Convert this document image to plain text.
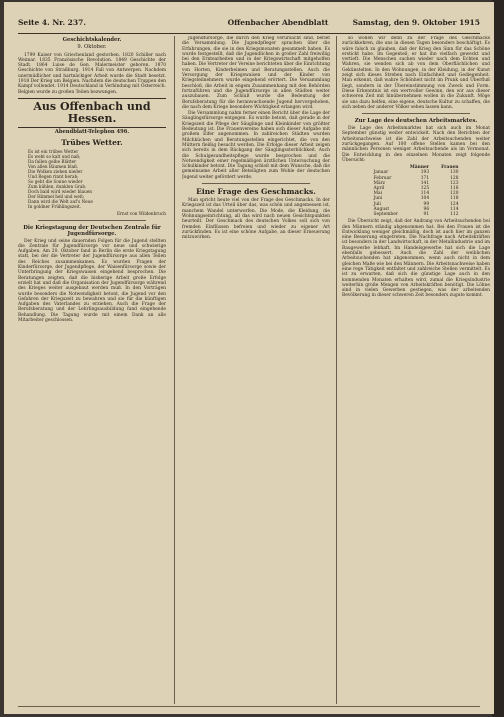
Seite 4. Nr. 237.	Offenbacher Abendblatt	Samstag, den 9. Oktober 1915
Geschichtskalender.
9. Oktober.

1799 Kaiser von Griechenland gestorben. 1820 Schiller nach Weimar. 1835 Französische Revolution. 1849 Geschichte der Stadt. 1864 Luise de Gen. Malermeister geboren. 1870 Geschichte von Straßburg. 1914 Fall von Antwerpen. Nachdem unermüdlicher und hartnäckiger Arbeit wurde die Stadt besetzt. 1918 Der Krieg um Belgien. Nachdem die deutschen Truppen den Kampf vollendet. 1914 Deutschland in Verbindung mit Österreich. Belgien wurde zu großen Teilen bezwungen.

Aus Offenbach und Hessen.
Abendblatt-Telephon 496.
Trübes Wetter.
Es ist ein trübes Wetter
Es weht so kalt und naß;
Da fallen gelbe Blätter
Von allen Bäumen blaß.
Die Wolken ziehen nieder
Und Regen rinnt herab;
So geht die Sonne wieder
Zum kühlen, dunklen Grab.
Doch bald wird wieder blauen
Der Himmel hell und weit;
Dann wird die Welt auf's Neue
In goldner Frühlingszeit.
Ernst von Wildenbruch
Die Kriegstagung der Deutschen Zentrale für Jugendfürsorge.

Der Krieg und seine dauernden Folgen für die Jugend stellten die Zentrale für Jugendfürsorge vor neue und schwierige Aufgaben. Am 20. Oktober fand in Berlin die erste Kriegstagung statt, bei der die Vertreter der Jugendfürsorge aus allen Teilen des Reiches zusammenkamen. Es wurden Fragen der Kinderfürsorge, der Jugendpflege, der Waisenfürsorge sowie der Unterbringung der Kriegswaisen eingehend besprochen. Die Beratungen zeigten, daß die bisherige Arbeit große Erfolge erzielt hat und daß die Organisation der Jugendfürsorge während des Krieges weiter ausgebaut werden muß. In den Vorträgen wurde besonders die Notwendigkeit betont, die Jugend vor den Gefahren der Kriegszeit zu bewahren und sie für die künftigen Aufgaben des Vaterlandes zu erziehen. Auch die Frage der Berufsberatung und der Lehrlingsausbildung fand eingehende Behandlung. Die Tagung wurde mit einem Dank an alle Mitarbeiter geschlossen.

Jugendfürsorge, die durch den Krieg verursacht sind, beriet die Versammlung. Die Jugendpfleger sprachen über die Erfahrungen, die sie in den Kriegsmonaten gesammelt haben. Es wurde festgestellt, daß die Jugendlichen in großer Zahl freiwillig bei den Erntearbeiten und in der Kriegswirtschaft mitgeholfen haben. Die Vertreter der Vereine berichteten über die Einrichtung von Horten, Kinderheimen und Beratungsstellen. Auch die Versorgung der Kriegswaisen und der Kinder von Kriegsteilnehmern wurde eingehend erörtert. Die Versammlung beschloß, die Arbeit in engem Zusammenhang mit den Behörden fortzuführen und die Jugendfürsorge in allen Städten weiter auszubauen. Zum Schluß wurde die Bedeutung der Berufsberatung für die heranwachsende Jugend hervorgehoben, die nach dem Kriege besondere Wichtigkeit erlangen wird.

Die Versammlung nahm ferner einen Bericht über die Lage der Säuglingsfürsorge entgegen. Es wurde betont, daß gerade in der Kriegszeit die Pflege der Säuglinge und Kleinkinder von größter Bedeutung ist. Die Frauenvereine haben sich dieser Aufgabe mit großem Eifer angenommen. In zahlreichen Städten wurden Milchküchen und Beratungsstellen eingerichtet, die von den Müttern fleißig besucht werden. Die Erfolge dieser Arbeit zeigen sich bereits in dem Rückgang der Säuglingssterblichkeit. Auch die Schulgesundheitspflege wurde besprochen und die Notwendigkeit einer regelmäßigen ärztlichen Untersuchung der Schulkinder betont. Die Tagung schloß mit dem Wunsche, daß die gemeinsame Arbeit aller Beteiligten zum Wohle der deutschen Jugend weiter gefördert werde.

Eine Frage des Geschmacks.

Man spricht heute viel von der Frage des Geschmacks. In der Kriegszeit ist das Urteil über das, was schön und angemessen ist, manchem Wandel unterworfen. Die Mode, die Kleidung, die Wohnungseinrichtung, all das wird nach neuen Gesichtspunkten beurteilt. Der Geschmack des deutschen Volkes soll sich von fremden Einflüssen befreien und wieder zu eigener Art zurückfinden. Es ist eine schöne Aufgabe, an dieser Erneuerung mitzuwirken.

so wollen wir denn zu der Frage des Geschmacks zurückkehren, die uns in diesen Tagen besonders beschäftigt. Es wäre falsch zu glauben, daß der Krieg den Sinn für das Schöne erstickt habe. Im Gegenteil, er hat ihn vielfach geweckt und vertieft. Die Menschen suchen wieder nach dem Echten und Wahren, sie wenden sich ab von dem Oberflächlichen und Gekünstelten. In den Wohnungen, in der Kleidung, in der Kunst zeigt sich dieses Streben nach Einfachheit und Gediegenheit. Man erkennt, daß wahre Schönheit nicht im Prunk und Überfluß liegt, sondern in der Übereinstimmung von Zweck und Form. Diese Erkenntnis ist ein wertvoller Gewinn, den wir aus dieser schweren Zeit mit hinübernehmen wollen in die Zukunft. Möge sie uns dazu helfen, eine eigene, deutsche Kultur zu schaffen, die sich neben der anderer Völker sehen lassen kann.

Zur Lage des deutschen Arbeitsmarktes.

Die Lage des Arbeitsmarktes hat sich auch im Monat September günstig weiter entwickelt. Nach den Berichten der Arbeitsnachweise ist die Zahl der Arbeitsuchenden weiter zurückgegangen. Auf 100 offene Stellen kamen bei den männlichen Personen weniger Arbeitsuchende als im Vormonat. Die Entwicklung in den einzelnen Monaten zeigt folgende Übersicht:

	Männer	Frauen
Januar	193	130
Februar	171	128
März	141	123
April	125	118
Mai	114	120
Juni	104	118
Juli	99	124
August	96	114
September	91	112

Die Übersicht zeigt, daß der Andrang von Arbeitsuchenden bei den Männern ständig abgenommen hat. Bei den Frauen ist die Entwicklung weniger gleichmäßig, doch ist auch hier im ganzen eine Besserung eingetreten. Die Nachfrage nach Arbeitskräften ist besonders in der Landwirtschaft, in der Metallindustrie und im Baugewerbe lebhaft. Im Handelsgewerbe hat sich die Lage ebenfalls gebessert. Auch die Zahl der weiblichen Arbeitsuchenden hat abgenommen, wenn auch nicht in dem gleichen Maße wie bei den Männern. Die Arbeitsnachweise haben eine rege Tätigkeit entfaltet und zahlreiche Stellen vermittelt. Es ist zu erwarten, daß sich die günstige Lage auch in den kommenden Monaten erhalten wird, zumal die Kriegsindustrie weiterhin große Mengen von Arbeitskräften benötigt. Die Löhne sind in vielen Gewerben gestiegen, was der arbeitenden Bevölkerung in dieser schweren Zeit besonders zugute kommt.
